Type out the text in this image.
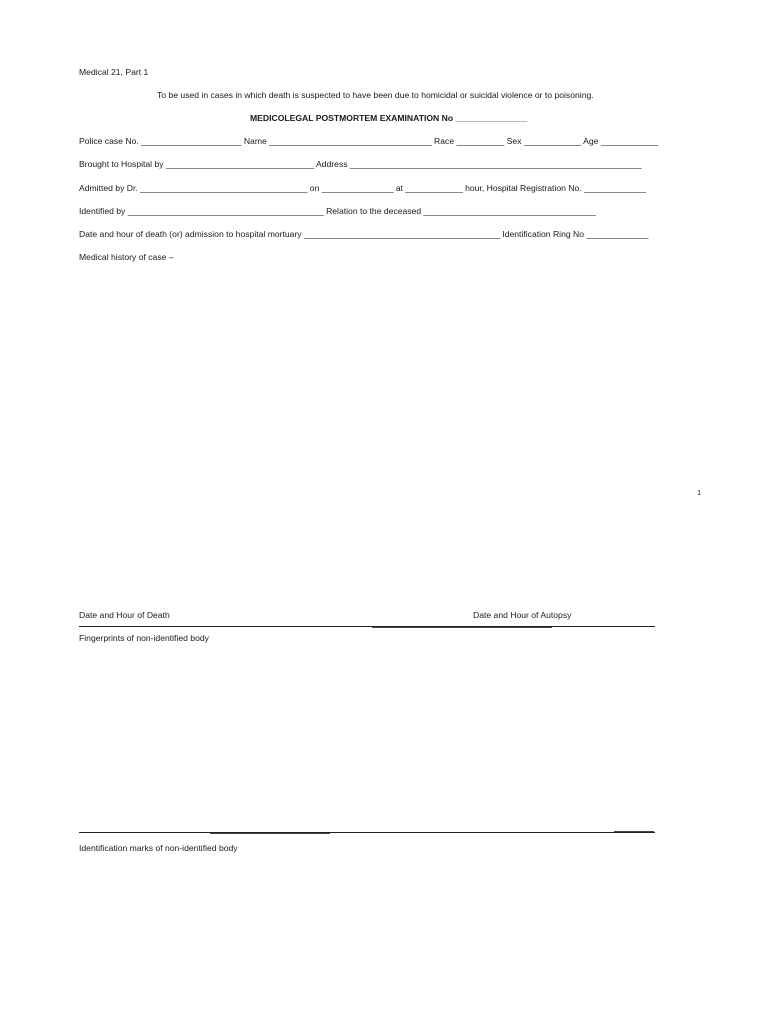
Medical 21, Part 1
To be used in cases in which death is suspected to have been due to homicidal or suicidal violence or to poisoning.
MEDICOLEGAL POSTMORTEM EXAMINATION No _______________
Police case No. _____________________ Name __________________________________ Race __________ Sex ____________ Age ____________
Brought to Hospital by _______________________________ Address _____________________________________________________________
Admitted by Dr. ___________________________________ on _______________ at ____________ hour, Hospital Registration No. _____________
Identified by _________________________________________ Relation to the deceased ____________________________________
Date and hour of death (or) admission to hospital mortuary _________________________________________ Identification Ring No _____________
Medical history of case –
1
Date and Hour of Death	Date and Hour of Autopsy
Fingerprints of non-identified body
Identification marks of non-identified body
